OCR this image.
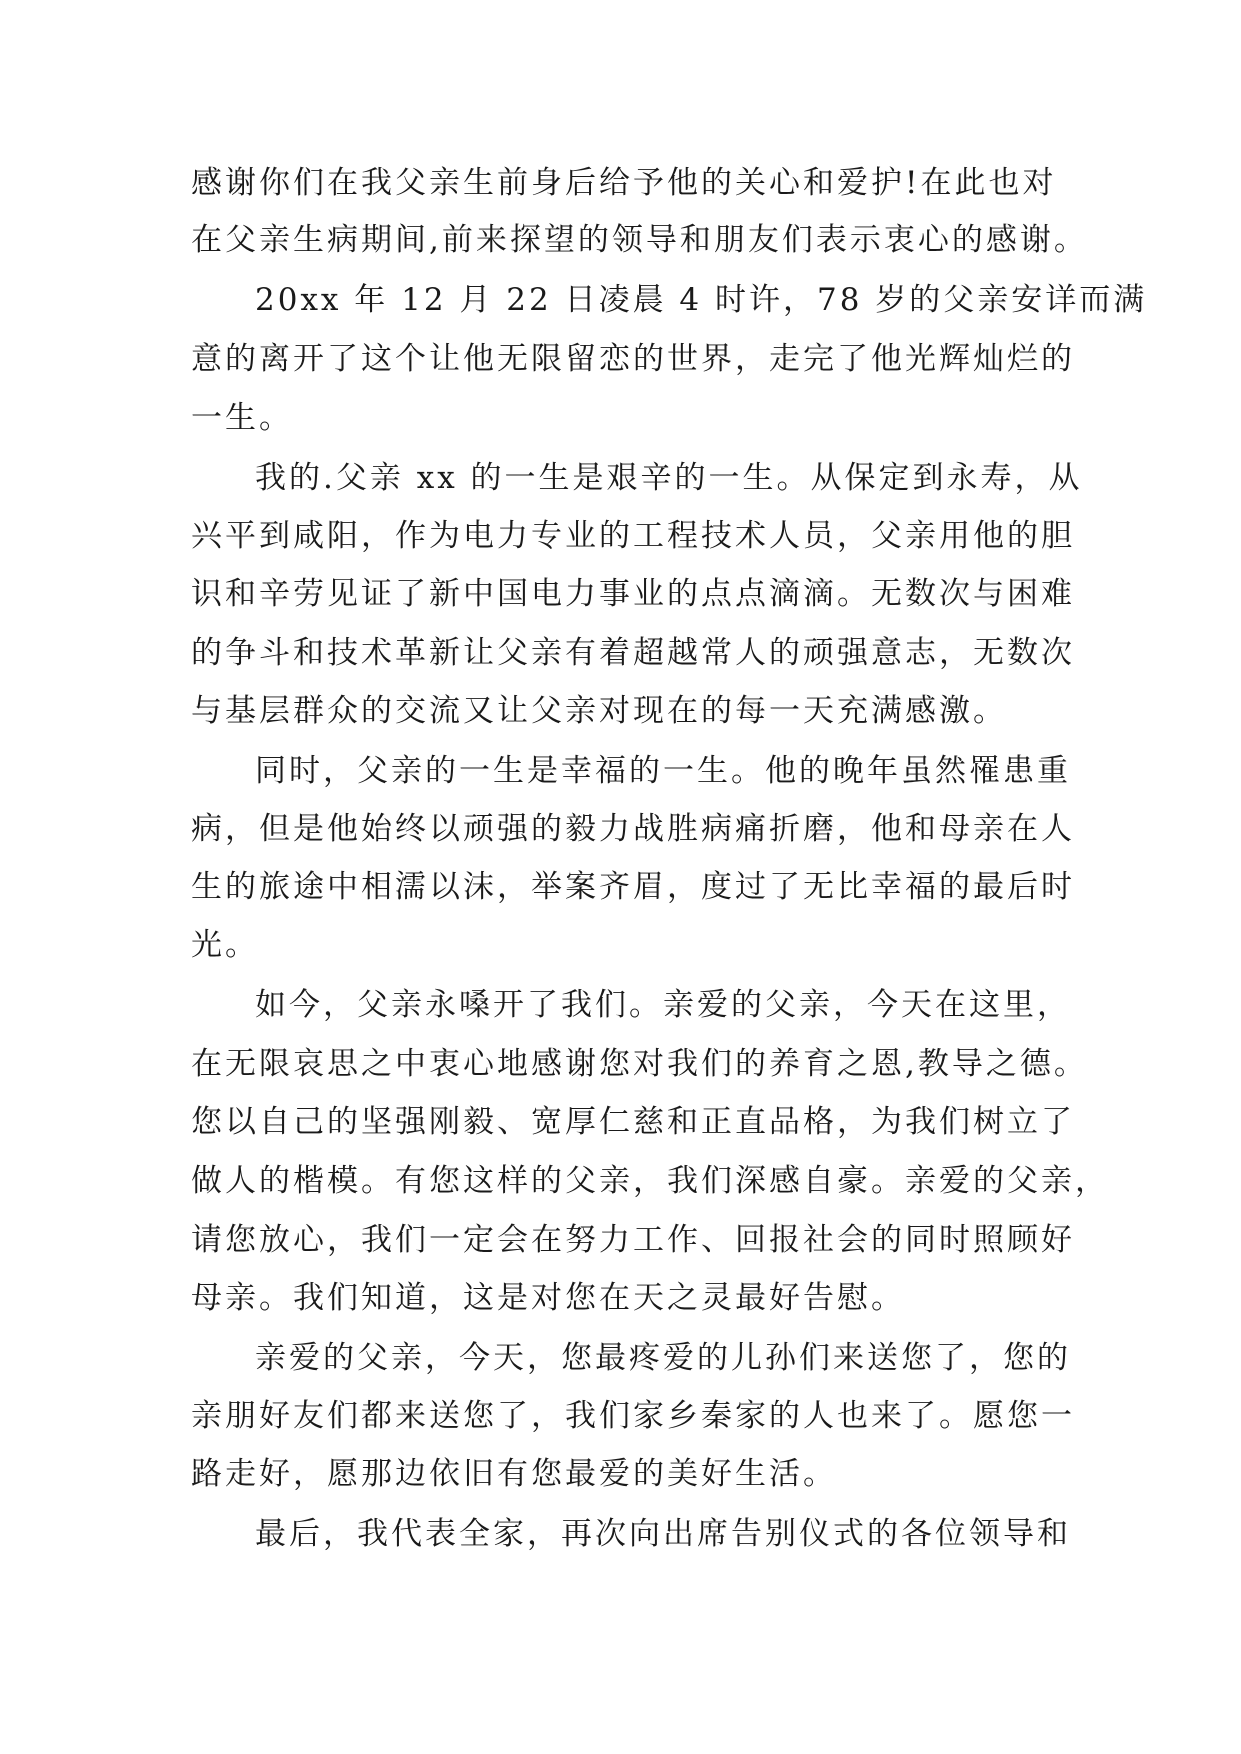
感谢你们在我父亲生前身后给予他的关心和爱护!在此也对
在父亲生病期间,前来探望的领导和朋友们表示衷心的感谢。
20xx 年 12 月 22 日凌晨 4 时许，78 岁的父亲安详而满
意的离开了这个让他无限留恋的世界，走完了他光辉灿烂的
一生。
我的.父亲 xx 的一生是艰辛的一生。从保定到永寿，从
兴平到咸阳，作为电力专业的工程技术人员，父亲用他的胆
识和辛劳见证了新中国电力事业的点点滴滴。无数次与困难
的争斗和技术革新让父亲有着超越常人的顽强意志，无数次
与基层群众的交流又让父亲对现在的每一天充满感激。
同时，父亲的一生是幸福的一生。他的晚年虽然罹患重
病，但是他始终以顽强的毅力战胜病痛折磨，他和母亲在人
生的旅途中相濡以沫，举案齐眉，度过了无比幸福的最后时
光。
如今，父亲永嗓开了我们。亲爱的父亲，今天在这里，
在无限哀思之中衷心地感谢您对我们的养育之恩,教导之德。
您以自己的坚强刚毅、宽厚仁慈和正直品格，为我们树立了
做人的楷模。有您这样的父亲，我们深感自豪。亲爱的父亲，
请您放心，我们一定会在努力工作、回报社会的同时照顾好
母亲。我们知道，这是对您在天之灵最好告慰。
亲爱的父亲，今天，您最疼爱的儿孙们来送您了，您的
亲朋好友们都来送您了，我们家乡秦家的人也来了。愿您一
路走好，愿那边依旧有您最爱的美好生活。
最后，我代表全家，再次向出席告别仪式的各位领导和
